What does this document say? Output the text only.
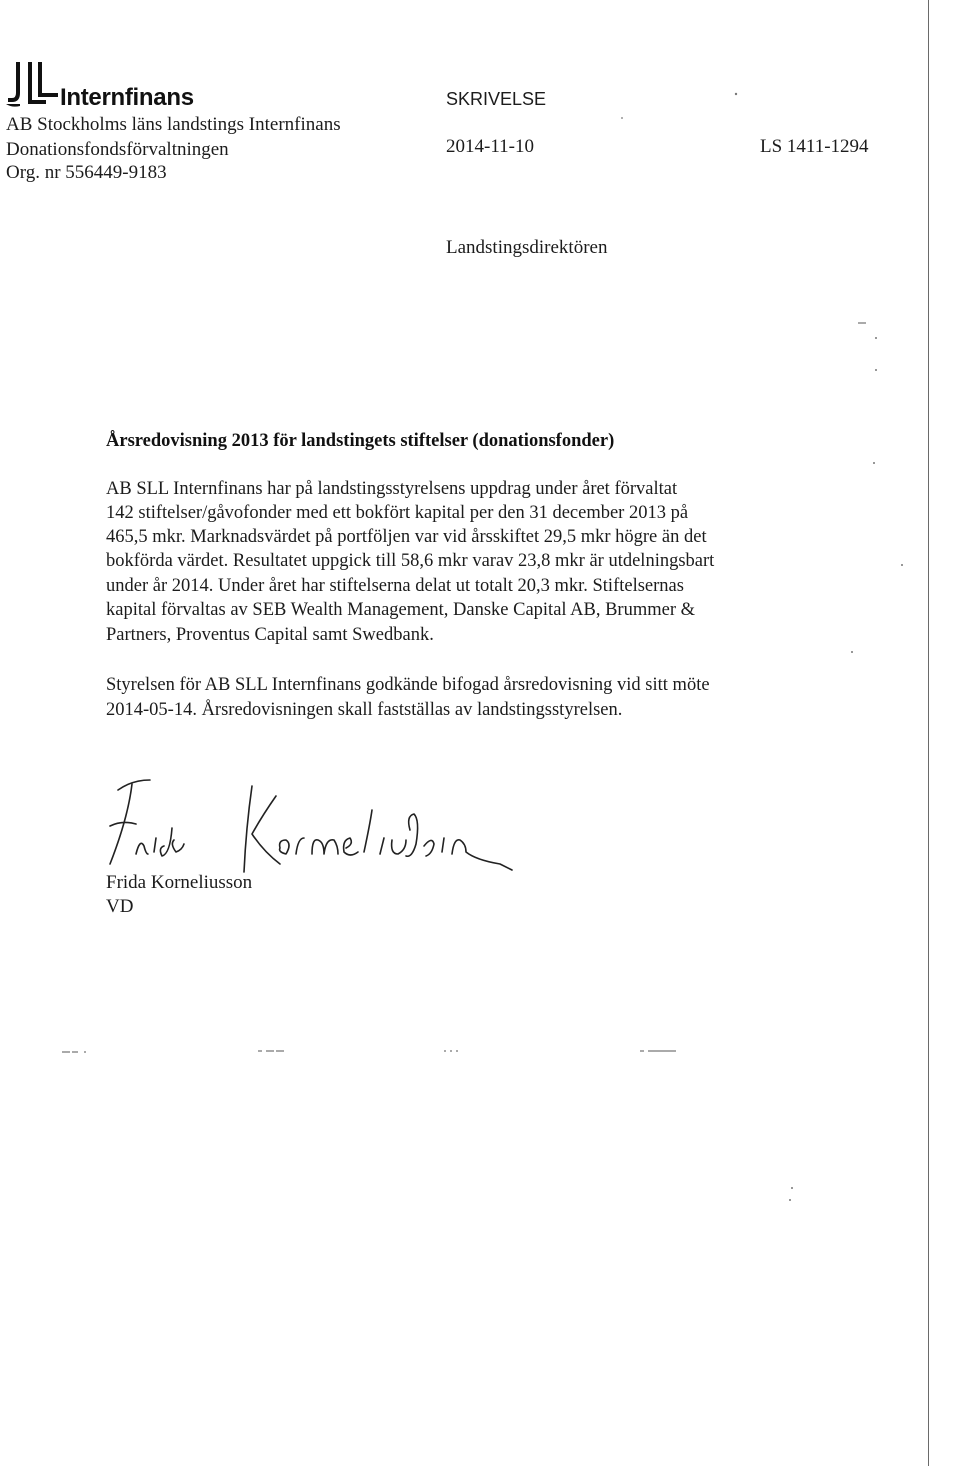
Internfinans
AB Stockholms läns landstings Internfinans
Donationsfondsförvaltningen
Org. nr 556449-9183
SKRIVELSE
2014-11-10	LS 1411-1294
Landstingsdirektören
Årsredovisning 2013 för landstingets stiftelser (donationsfonder)
AB SLL Internfinans har på landstingsstyrelsens uppdrag under året förvaltat
142 stiftelser/gåvofonder med ett bokfört kapital per den 31 december 2013 på
465,5 mkr. Marknadsvärdet på portföljen var vid årsskiftet 29,5 mkr högre än det
bokförda värdet. Resultatet uppgick till 58,6 mkr varav 23,8 mkr är utdelningsbart
under år 2014. Under året har stiftelserna delat ut totalt 20,3 mkr. Stiftelsernas
kapital förvaltas av SEB Wealth Management, Danske Capital AB, Brummer &
Partners, Proventus Capital samt Swedbank.
Styrelsen för AB SLL Internfinans godkände bifogad årsredovisning vid sitt möte
2014-05-14. Årsredovisningen skall fastställas av landstingsstyrelsen.
Frida Korneliusson
VD
